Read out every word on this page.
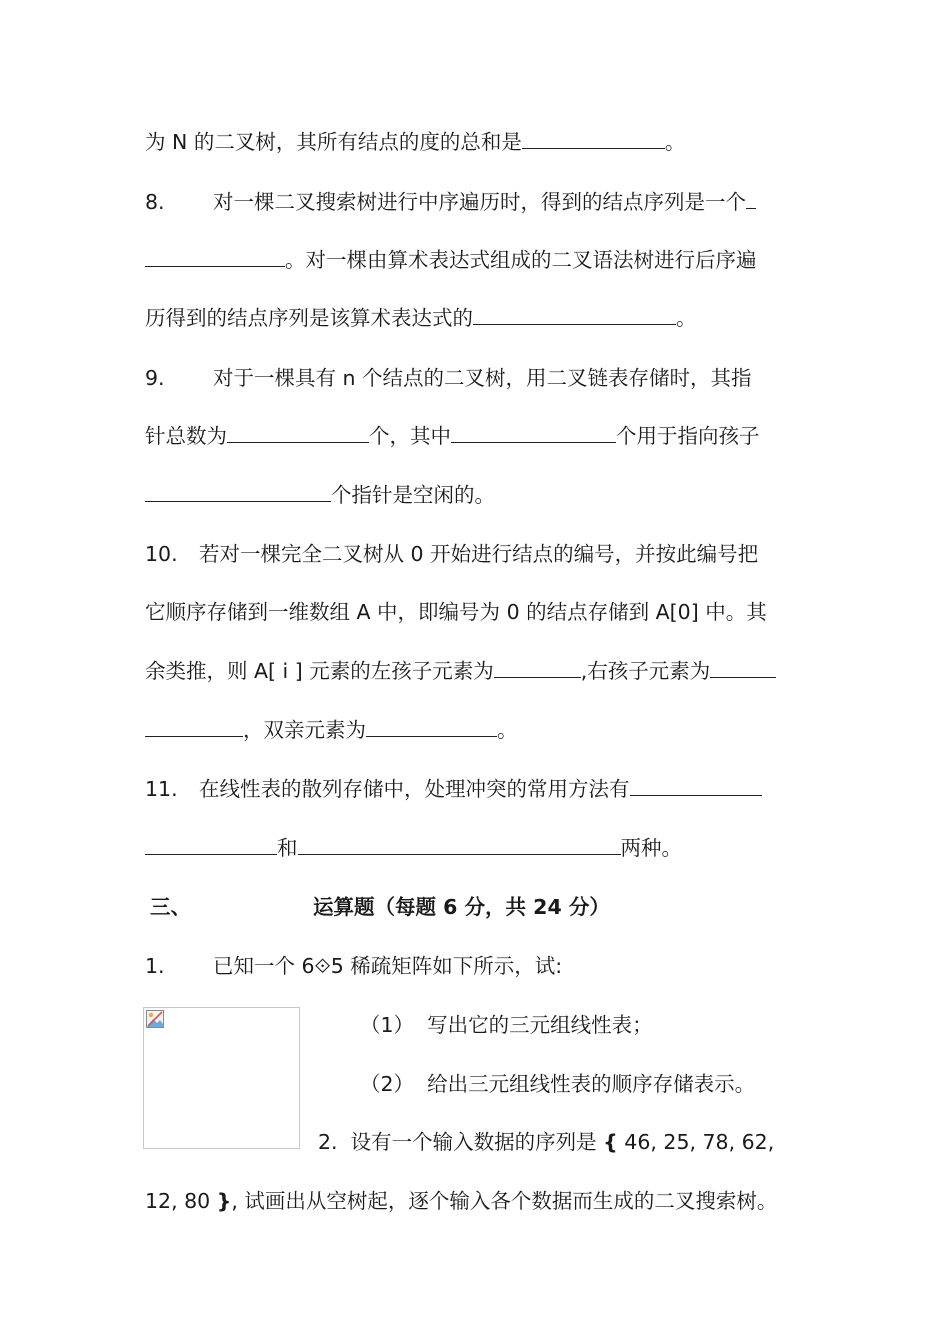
为 N 的二叉树，其所有结点的度的总和是	。
8. 对一棵二叉搜索树进行中序遍历时，得到的结点序列是一个
。对一棵由算术表达式组成的二叉语法树进行后序遍
历得到的结点序列是该算术表达式的	。
9. 对于一棵具有 n 个结点的二叉树，用二叉链表存储时，其指
针总数为	个，其中	个用于指向孩子
个指针是空闲的。
10. 若对一棵完全二叉树从 0 开始进行结点的编号，并按此编号把
它顺序存储到一维数组 A 中，即编号为 0 的结点存储到 A[0] 中。其
余类推，则 A[ i ] 元素的左孩子元素为	,右孩子元素为
，双亲元素为	。
11. 在线性表的散列存储中，处理冲突的常用方法有
和	两种。
三、	运算题（每题 6 分，共 24 分）
1. 已知一个 6⟐5 稀疏矩阵如下所示，试:
（1） 写出它的三元组线性表；
（2） 给出三元组线性表的顺序存储表示。
2. 设有一个输入数据的序列是 { 46, 25, 78, 62,
12, 80 }, 试画出从空树起，逐个输入各个数据而生成的二叉搜索树。
